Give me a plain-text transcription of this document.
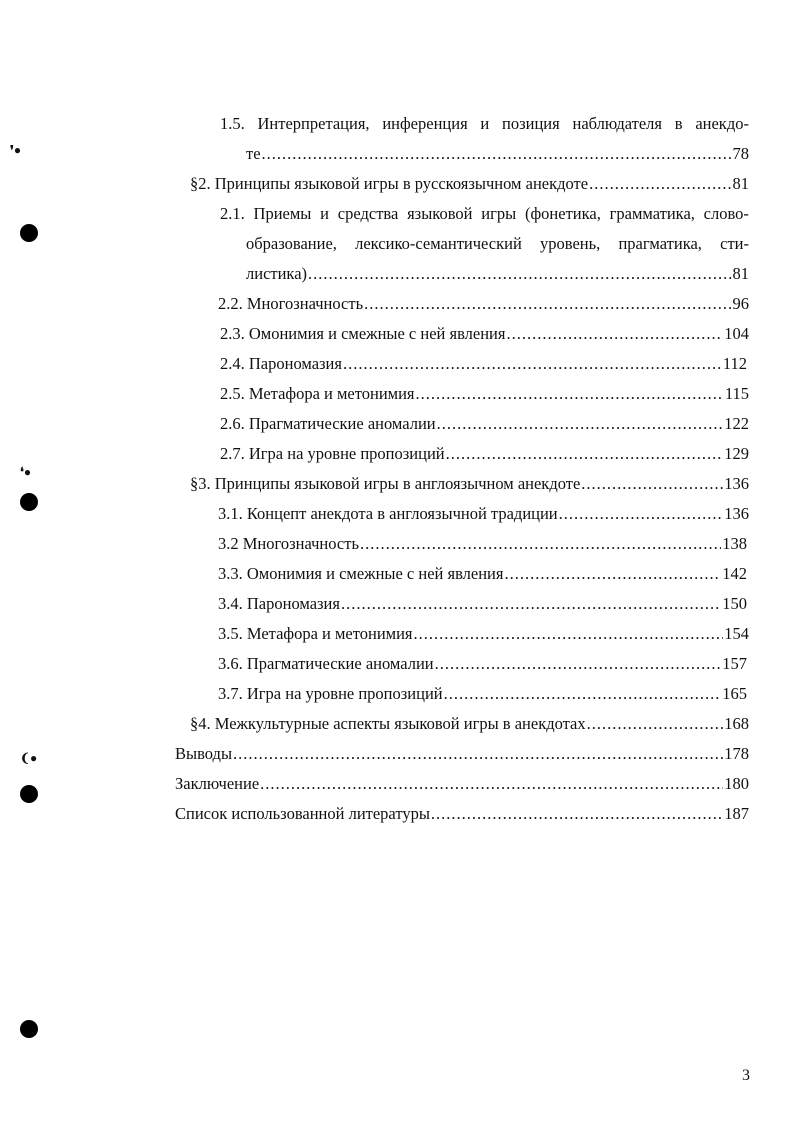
❜●
❛●
❨●
1.5. Интерпретация, инференция и позиция наблюдателя в анекдо-
те .....	78
§2. Принципы языковой игры в русскоязычном анекдоте .....	81
2.1. Приемы и средства языковой игры (фонетика, грамматика, слово-
образование, лексико-семантический уровень, прагматика, сти-
листика) .....	81
2.2. Многозначность .....	96
2.3. Омонимия и смежные с ней явления .....	104
2.4. Парономазия .....	112
2.5. Метафора и метонимия .....	115
2.6. Прагматические аномалии .....	122
2.7. Игра на уровне пропозиций .....	129
§3. Принципы языковой игры в англоязычном анекдоте .....	136
3.1. Концепт анекдота в англоязычной традиции .....	136
3.2 Многозначность .....	138
3.3. Омонимия и смежные с ней явления .....	142
3.4. Парономазия .....	150
3.5. Метафора и метонимия .....	154
3.6. Прагматические аномалии .....	157
3.7. Игра на уровне пропозиций .....	165
§4. Межкультурные аспекты языковой игры в анекдотах .....	168
Выводы .....	178
Заключение .....	180
Список использованной литературы .....	187
3
